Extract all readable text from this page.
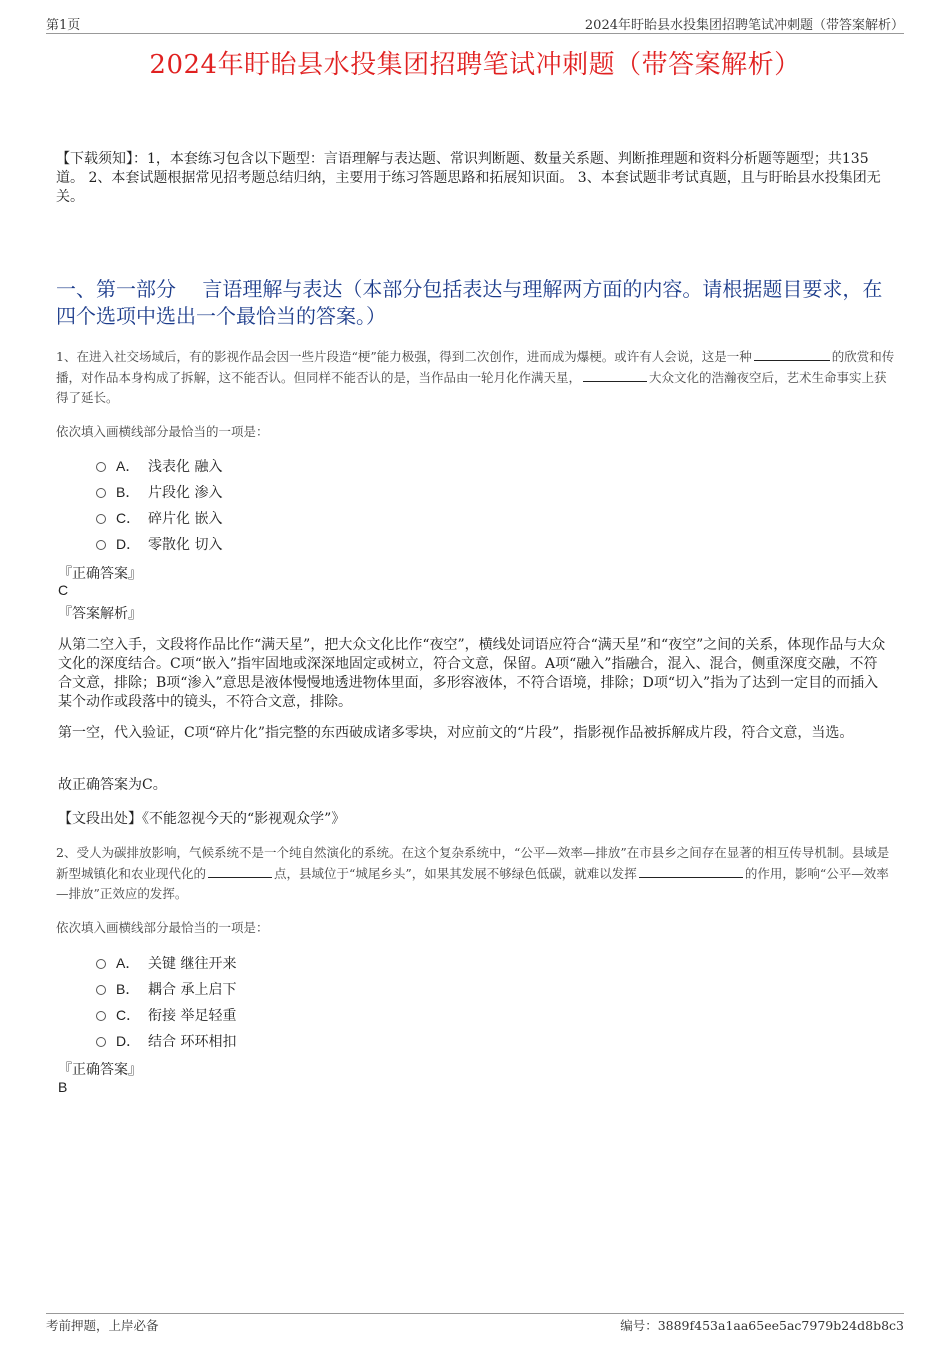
第1页	2024年盱眙县水投集团招聘笔试冲刺题（带答案解析）
2024年盱眙县水投集团招聘笔试冲刺题（带答案解析）
【下载须知】：1，本套练习包含以下题型：言语理解与表达题、常识判断题、数量关系题、判断推理题和资料分析题等题型；共135道。 2、本套试题根据常见招考题总结归纳，主要用于练习答题思路和拓展知识面。 3、本套试题非考试真题，且与盱眙县水投集团无关。
一、第一部分　 言语理解与表达（本部分包括表达与理解两方面的内容。请根据题目要求，在四个选项中选出一个最恰当的答案。）
1、在进入社交场域后，有的影视作品会因一些片段造“梗”能力极强，得到二次创作，进而成为爆梗。或许有人会说，这是一种	的欣赏和传播，对作品本身构成了拆解，这不能否认。但同样不能否认的是，当作品由一轮月化作满天星，	大众文化的浩瀚夜空后，艺术生命事实上获得了延长。
依次填入画横线部分最恰当的一项是：
A． 浅表化 融入
B． 片段化 渗入
C． 碎片化 嵌入
D． 零散化 切入
『正确答案』
C
『答案解析』
从第二空入手，文段将作品比作“满天星”，把大众文化比作“夜空”，横线处词语应符合“满天星”和“夜空”之间的关系，体现作品与大众文化的深度结合。C项“嵌入”指牢固地或深深地固定或树立，符合文意，保留。A项“融入”指融合，混入、混合，侧重深度交融，不符合文意，排除；B项“渗入”意思是液体慢慢地透进物体里面，多形容液体，不符合语境，排除；D项“切入”指为了达到一定目的而插入某个动作或段落中的镜头，不符合文意，排除。
第一空，代入验证，C项“碎片化”指完整的东西破成诸多零块，对应前文的“片段”，指影视作品被拆解成片段，符合文意，当选。
故正确答案为C。
【文段出处】《不能忽视今天的“影视观众学”》
2、受人为碳排放影响，气候系统不是一个纯自然演化的系统。在这个复杂系统中，“公平—效率—排放”在市县乡之间存在显著的相互传导机制。县域是新型城镇化和农业现代化的	点，县域位于“城尾乡头”，如果其发展不够绿色低碳，就难以发挥	的作用，影响“公平—效率—排放”正效应的发挥。
依次填入画横线部分最恰当的一项是：
A． 关键 继往开来
B． 耦合 承上启下
C． 衔接 举足轻重
D． 结合 环环相扣
『正确答案』
B
考前押题，上岸必备	编号：3889f453a1aa65ee5ac7979b24d8b8c3
